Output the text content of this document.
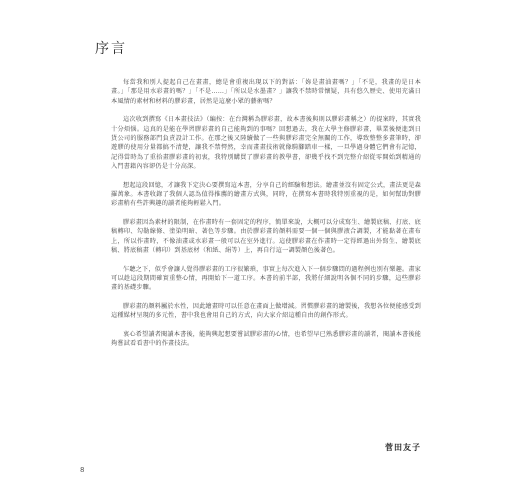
序言

每當我和別人提起自己在畫畫，總是會重複出現以下的對話：「妳是畫油畫嗎？」「不是，我畫的是日本畫。」「那是用水彩畫的嗎？」「不是……」「所以是水墨畫？」讓我不禁時常懷疑，具有悠久歷史、使用充滿日本風情的素材和材料的膠彩畫，居然是這麼小眾的藝術嗎？

這次收到撰寫《日本畫技法》（編按：在台灣稱為膠彩畫，故本書後與則以膠彩畫稱之）的提案時，其實我十分煩惱。這真的是能在學習膠彩畫的自己能夠到的事嗎？回想過去，我在大學主修膠彩畫，畢業後便進到日貨公司的服務部門負責設計工作。在那之後又陸續做了一些與膠彩畫完全無關的工作，導致整整多畫筆時，卻遊膠的使用分量都搞不清楚，讓我不禁愕然，幸而畫畫技術就像騎腳踏車一樣，一旦學過身體它們會有記憶，記得當時為了重拾畫膠彩畫的初衷，我特別購買了膠彩畫的教學書，卻幾乎找不到完整介紹從零開始到精通的入門書籍內容卻仍是十分高深。

想起這段回憶，才讓我下定決心要撰寫這本書，分享自己的經驗和想法。繪畫並沒有固定公式，畫法更是森羅萬象。本書收錄了我個人認為值得推薦的繪畫方式與，同時，在撰寫本書時我特別重視的是，如何幫助對膠彩畫稍有些許興趣的讀者能夠輕鬆入門。

膠彩畫因為素材的限制，在作畫時有一套固定的程序，簡單來說，大概可以分成寫生、繪製底稿、打底、底稿轉印、勾勒線條、塗染明暗、著色等步驟。由於膠彩畫的顏料需要一個一個與膠液合調製，才能黏著在畫布上，所以作畫時，不像油畫或水彩畫一般可以在室外進行。這使膠彩畫在作畫時一定得經過出外寫生、繪製底稿、將底稿畫（轉印）到基底材（和紙、絹等）上，再自行這一調製顏色後著色。

乍聽之下，似乎會讓人覺得膠彩畫的工序很繁瑣，事實上每次進入下一個步驟問的過程例也別有樂趣。畫家可以趁這段期間確實重整心情，再開始下一道工序。本書的前半部，我將仔細說明各個不同的步驟，這些膠彩畫的基礎步驟。

膠彩畫的顏料屬於水性，因此繪畫時可以任意在畫面上做增減。習慣膠彩畫的繪製後，我想各位便能感受到這種媒材呈現的多元性，書中我也會用自己的方式，向大家介紹這種自由的創作形式。

衷心希望讀者閱讀本書後，能夠興起想要嘗試膠彩畫的心情，也希望早已熟悉膠彩畫的讀者，閱讀本書後能夠嘗試看看書中的作畫技法。

菅田友子
8
